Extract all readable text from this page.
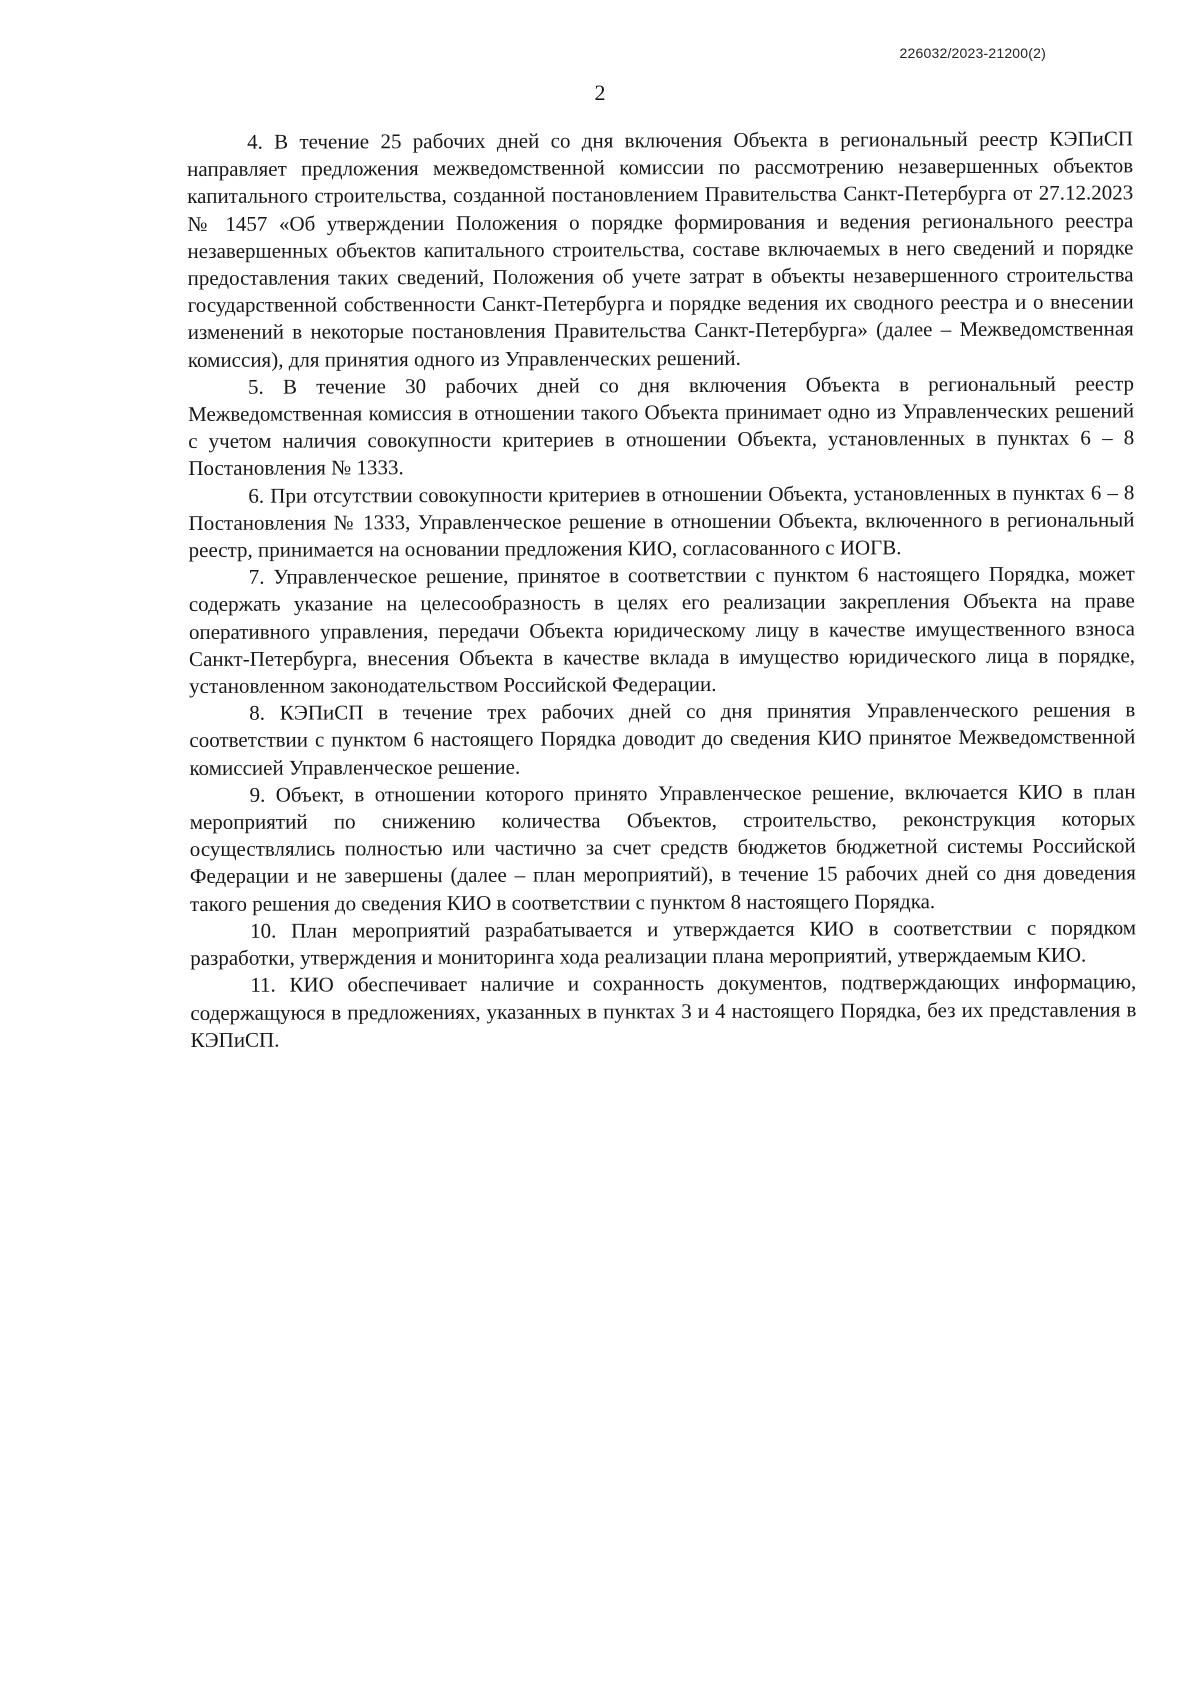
226032/2023-21200(2)

2

4. В течение 25 рабочих дней со дня включения Объекта в региональный реестр КЭПиСП направляет предложения межведомственной комиссии по рассмотрению незавершенных объектов капитального строительства, созданной постановлением Правительства Санкт-Петербурга от 27.12.2023 № 1457 «Об утверждении Положения о порядке формирования и ведения регионального реестра незавершенных объектов капитального строительства, составе включаемых в него сведений и порядке предоставления таких сведений, Положения об учете затрат в объекты незавершенного строительства государственной собственности Санкт-Петербурга и порядке ведения их сводного реестра и о внесении изменений в некоторые постановления Правительства Санкт-Петербурга» (далее – Межведомственная комиссия), для принятия одного из Управленческих решений.

5. В течение 30 рабочих дней со дня включения Объекта в региональный реестр Межведомственная комиссия в отношении такого Объекта принимает одно из Управленческих решений с учетом наличия совокупности критериев в отношении Объекта, установленных в пунктах 6 – 8 Постановления № 1333.

6. При отсутствии совокупности критериев в отношении Объекта, установленных в пунктах 6 – 8 Постановления № 1333, Управленческое решение в отношении Объекта, включенного в региональный реестр, принимается на основании предложения КИО, согласованного с ИОГВ.

7. Управленческое решение, принятое в соответствии с пунктом 6 настоящего Порядка, может содержать указание на целесообразность в целях его реализации закрепления Объекта на праве оперативного управления, передачи Объекта юридическому лицу в качестве имущественного взноса Санкт-Петербурга, внесения Объекта в качестве вклада в имущество юридического лица в порядке, установленном законодательством Российской Федерации.

8. КЭПиСП в течение трех рабочих дней со дня принятия Управленческого решения в соответствии с пунктом 6 настоящего Порядка доводит до сведения КИО принятое Межведомственной комиссией Управленческое решение.

9. Объект, в отношении которого принято Управленческое решение, включается КИО в план мероприятий по снижению количества Объектов, строительство, реконструкция которых осуществлялись полностью или частично за счет средств бюджетов бюджетной системы Российской Федерации и не завершены (далее – план мероприятий), в течение 15 рабочих дней со дня доведения такого решения до сведения КИО в соответствии с пунктом 8 настоящего Порядка.

10. План мероприятий разрабатывается и утверждается КИО в соответствии с порядком разработки, утверждения и мониторинга хода реализации плана мероприятий, утверждаемым КИО.

11. КИО обеспечивает наличие и сохранность документов, подтверждающих информацию, содержащуюся в предложениях, указанных в пунктах 3 и 4 настоящего Порядка, без их представления в КЭПиСП.
